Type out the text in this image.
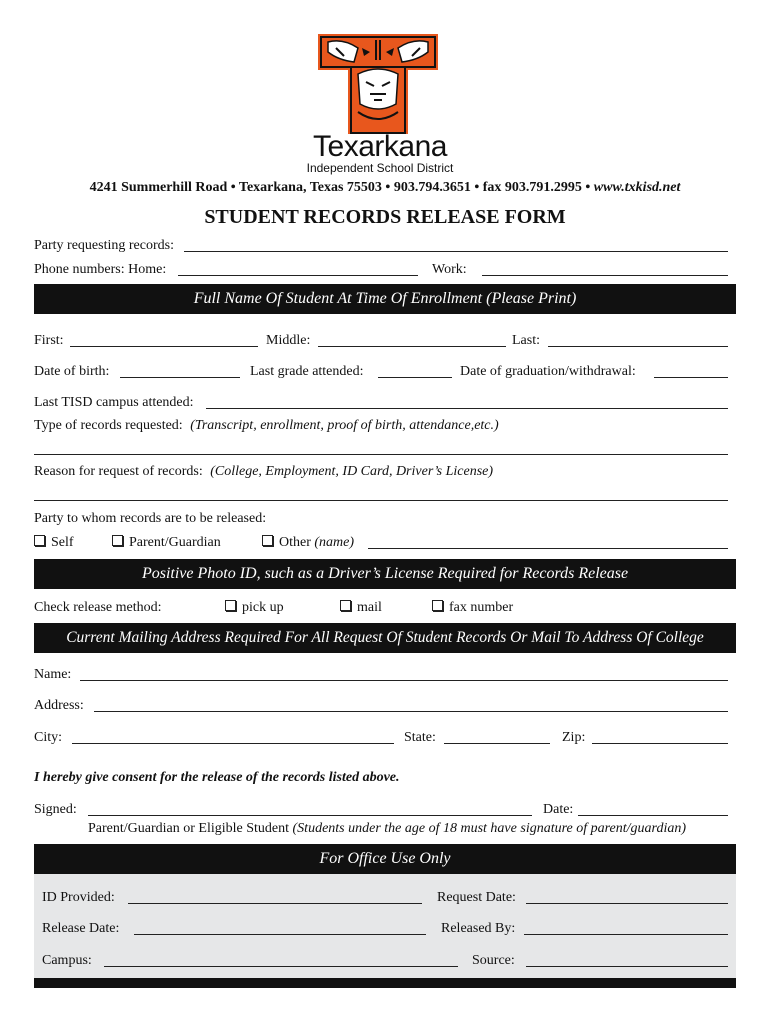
Texarkana
Independent School District
4241 Summerhill Road • Texarkana, Texas 75503 • 903.794.3651 • fax 903.791.2995 • www.txkisd.net
STUDENT RECORDS RELEASE FORM
Party requesting records:
Phone numbers: Home:	Work:
Full Name Of Student At Time Of Enrollment (Please Print)
First:	Middle:	Last:
Date of birth:	Last grade attended:	Date of graduation/withdrawal:
Last TISD campus attended:
Type of records requested: (Transcript, enrollment, proof of birth, attendance,etc.)
Reason for request of records: (College, Employment, ID Card, Driver’s License)
Party to whom records are to be released:
Self	Parent/Guardian	Other (name)
Positive Photo ID, such as a Driver’s License Required for Records Release
Check release method:	pick up	mail	fax number
Current Mailing Address Required For All Request Of Student Records Or Mail To Address Of College
Name:
Address:
City:	State:	Zip:
I hereby give consent for the release of the records listed above.
Signed:	Date:
Parent/Guardian or Eligible Student (Students under the age of 18 must have signature of parent/guardian)
For Office Use Only
ID Provided:	Request Date:
Release Date:	Released By:
Campus:	Source:
